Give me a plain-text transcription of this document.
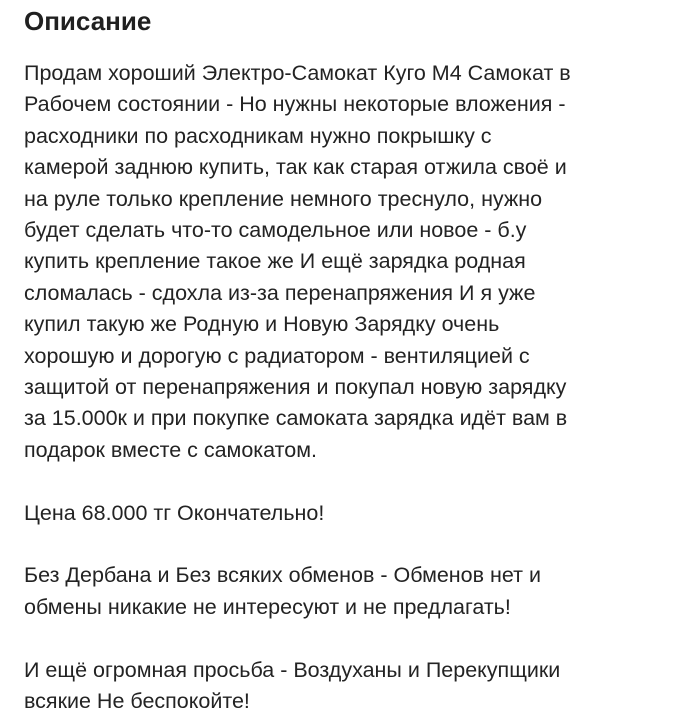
Описание

Продам хороший Электро-Самокат Куго М4 Самокат в
Рабочем состоянии - Но нужны некоторые вложения -
расходники по расходникам нужно покрышку с
камерой заднюю купить, так как старая отжила своё и
на руле только крепление немного треснуло, нужно
будет сделать что-то самодельное или новое - б.у
купить крепление такое же И ещё зарядка родная
сломалась - сдохла из-за перенапряжения И я уже
купил такую же Родную и Новую Зарядку очень
хорошую и дорогую с радиатором - вентиляцией с
защитой от перенапряжения и покупал новую зарядку
за 15.000к и при покупке самоката зарядка идёт вам в
подарок вместе с самокатом.

Цена 68.000 тг Окончательно!

Без Дербана и Без всяких обменов - Обменов нет и
обмены никакие не интересуют и не предлагать!

И ещё огромная просьба - Воздуханы и Перекупщики
всякие Не беспокойте!
